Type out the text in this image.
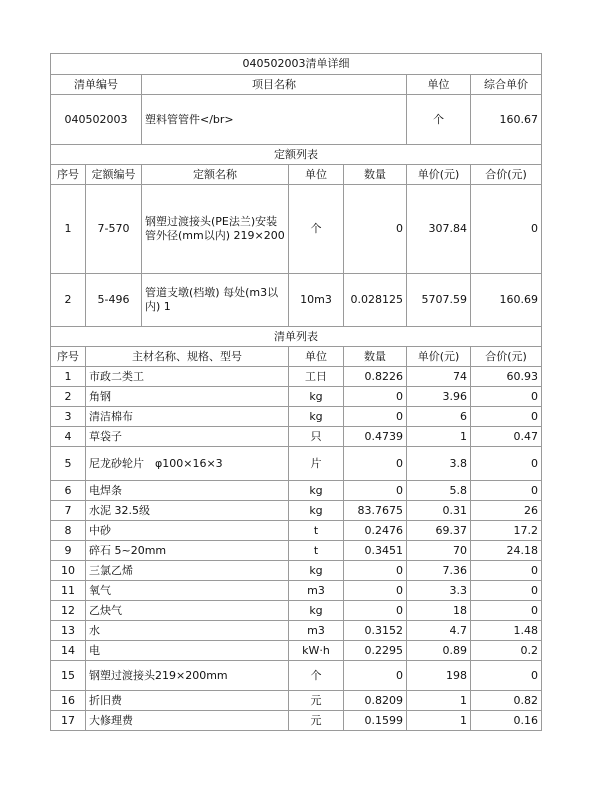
040502003清单详细						
清单编号		项目名称			单位	综合单价
040502003		塑料管管件</br>			个	160.67
定额列表						
序号	定额编号	定额名称	单位	数量	单价(元)	合价(元)
1	7-570	钢塑过渡接头(PE法兰)安装 管外径(mm以内) 219×200	个	0	307.84	0
2	5-496	管道支墩(档墩) 每处(m3以内) 1	10m3	0.028125	5707.59	160.69
清单列表						
序号	主材名称、规格、型号		单位	数量	单价(元)	合价(元)
1	市政二类工		工日	0.8226	74	60.93
2	角钢		kg	0	3.96	0
3	清洁棉布		kg	0	6	0
4	草袋子		只	0.4739	1	0.47
5	尼龙砂轮片　φ100×16×3		片	0	3.8	0
6	电焊条		kg	0	5.8	0
7	水泥 32.5级		kg	83.7675	0.31	26
8	中砂		t	0.2476	69.37	17.2
9	碎石 5~20mm		t	0.3451	70	24.18
10	三氯乙烯		kg	0	7.36	0
11	氧气		m3	0	3.3	0
12	乙炔气		kg	0	18	0
13	水		m3	0.3152	4.7	1.48
14	电		kW·h	0.2295	0.89	0.2
15	钢塑过渡接头219×200mm		个	0	198	0
16	折旧费		元	0.8209	1	0.82
17	大修理费		元	0.1599	1	0.16
